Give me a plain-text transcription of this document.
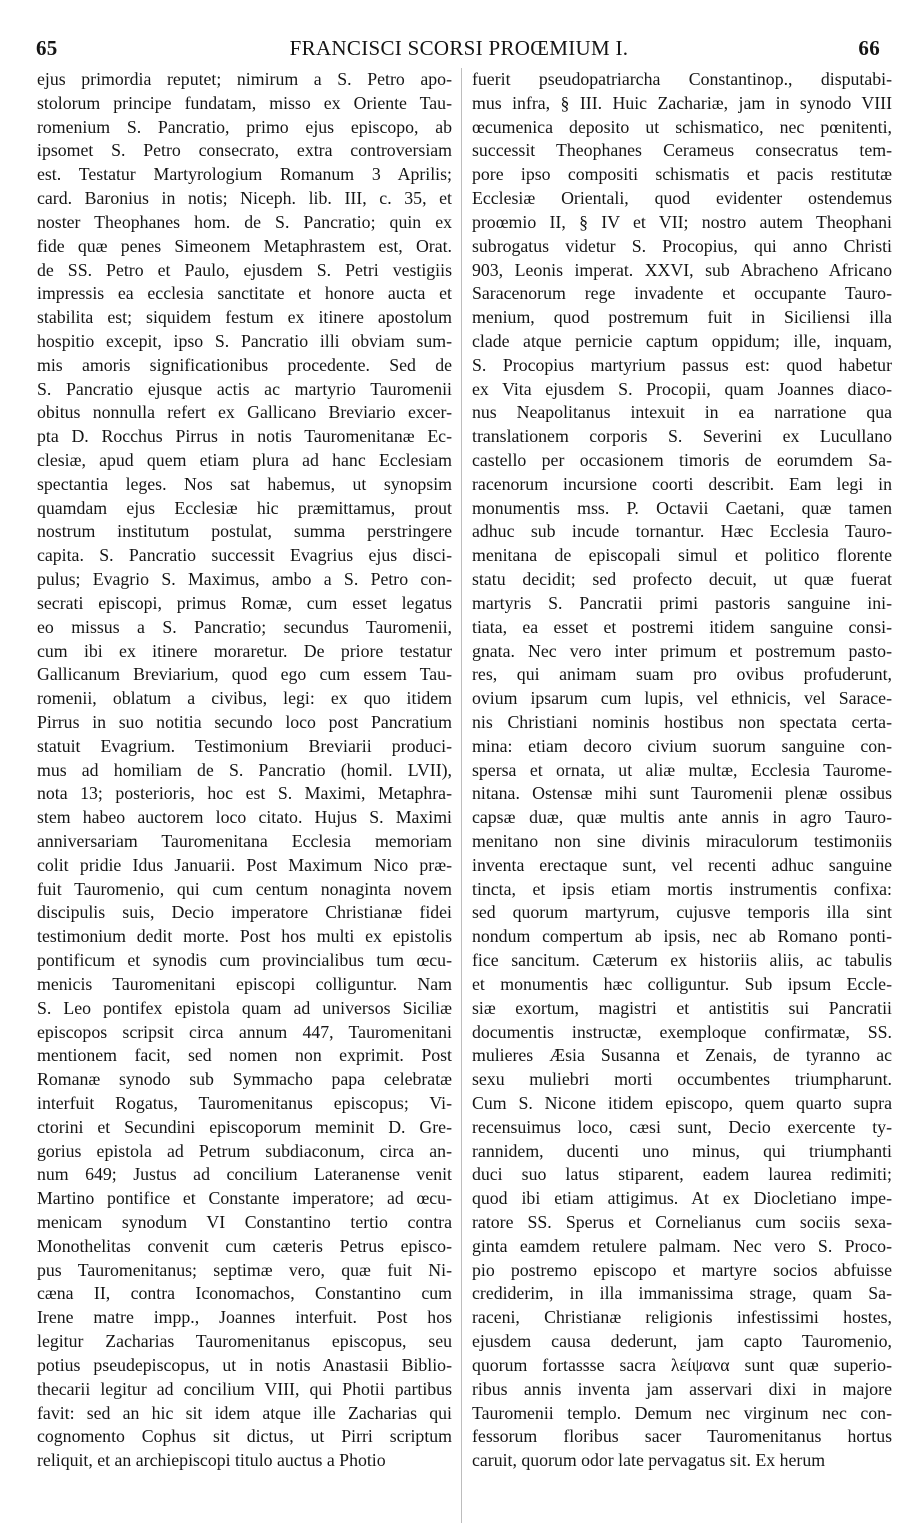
65	FRANCISCI SCORSI PROŒMIUM I.	66
ejus primordia reputet; nimirum a S. Petro apo-
stolorum principe fundatam, misso ex Oriente Tau-
romenium S. Pancratio, primo ejus episcopo, ab
ipsomet S. Petro consecrato, extra controversiam
est. Testatur Martyrologium Romanum 3 Aprilis;
card. Baronius in notis; Niceph. lib. III, c. 35, et
noster Theophanes hom. de S. Pancratio; quin ex
fide quæ penes Simeonem Metaphrastem est, Orat.
de SS. Petro et Paulo, ejusdem S. Petri vestigiis
impressis ea ecclesia sanctitate et honore aucta et
stabilita est; siquidem festum ex itinere apostolum
hospitio excepit, ipso S. Pancratio illi obviam sum-
mis amoris significationibus procedente. Sed de
S. Pancratio ejusque actis ac martyrio Tauromenii
obitus nonnulla refert ex Gallicano Breviario excer-
pta D. Rocchus Pirrus in notis Tauromenitanæ Ec-
clesiæ, apud quem etiam plura ad hanc Ecclesiam
spectantia leges. Nos sat habemus, ut synopsim
quamdam ejus Ecclesiæ hic præmittamus, prout
nostrum institutum postulat, summa perstringere
capita. S. Pancratio successit Evagrius ejus disci-
pulus; Evagrio S. Maximus, ambo a S. Petro con-
secrati episcopi, primus Romæ, cum esset legatus
eo missus a S. Pancratio; secundus Tauromenii,
cum ibi ex itinere moraretur. De priore testatur
Gallicanum Breviarium, quod ego cum essem Tau-
romenii, oblatum a civibus, legi: ex quo itidem
Pirrus in suo notitia secundo loco post Pancratium
statuit Evagrium. Testimonium Breviarii produci-
mus ad homiliam de S. Pancratio (homil. LVII),
nota 13; posterioris, hoc est S. Maximi, Metaphra-
stem habeo auctorem loco citato. Hujus S. Maximi
anniversariam Tauromenitana Ecclesia memoriam
colit pridie Idus Januarii. Post Maximum Nico præ-
fuit Tauromenio, qui cum centum nonaginta novem
discipulis suis, Decio imperatore Christianæ fidei
testimonium dedit morte. Post hos multi ex epistolis
pontificum et synodis cum provincialibus tum œcu-
menicis Tauromenitani episcopi colliguntur. Nam
S. Leo pontifex epistola quam ad universos Siciliæ
episcopos scripsit circa annum 447, Tauromenitani
mentionem facit, sed nomen non exprimit. Post
Romanæ synodo sub Symmacho papa celebratæ
interfuit Rogatus, Tauromenitanus episcopus; Vi-
ctorini et Secundini episcoporum meminit D. Gre-
gorius epistola ad Petrum subdiaconum, circa an-
num 649; Justus ad concilium Lateranense venit
Martino pontifice et Constante imperatore; ad œcu-
menicam synodum VI Constantino tertio contra
Monothelitas convenit cum cæteris Petrus episco-
pus Tauromenitanus; septimæ vero, quæ fuit Ni-
cæna II, contra Iconomachos, Constantino cum
Irene matre impp., Joannes interfuit. Post hos
legitur Zacharias Tauromenitanus episcopus, seu
potius pseudepiscopus, ut in notis Anastasii Biblio-
thecarii legitur ad concilium VIII, qui Photii partibus
favit: sed an hic sit idem atque ille Zacharias qui
cognomento Cophus sit dictus, ut Pirri scriptum
reliquit, et an archiepiscopi titulo auctus a Photio
fuerit pseudopatriarcha Constantinop., disputabi-
mus infra, § III. Huic Zachariæ, jam in synodo VIII
œcumenica deposito ut schismatico, nec pœnitenti,
successit Theophanes Cerameus consecratus tem-
pore ipso compositi schismatis et pacis restitutæ
Ecclesiæ Orientali, quod evidenter ostendemus
proœmio II, § IV et VII; nostro autem Theophani
subrogatus videtur S. Procopius, qui anno Christi
903, Leonis imperat. XXVI, sub Abracheno Africano
Saracenorum rege invadente et occupante Tauro-
menium, quod postremum fuit in Siciliensi illa
clade atque pernicie captum oppidum; ille, inquam,
S. Procopius martyrium passus est: quod habetur
ex Vita ejusdem S. Procopii, quam Joannes diaco-
nus Neapolitanus intexuit in ea narratione qua
translationem corporis S. Severini ex Lucullano
castello per occasionem timoris de eorumdem Sa-
racenorum incursione coorti describit. Eam legi in
monumentis mss. P. Octavii Caetani, quæ tamen
adhuc sub incude tornantur. Hæc Ecclesia Tauro-
menitana de episcopali simul et politico florente
statu decidit; sed profecto decuit, ut quæ fuerat
martyris S. Pancratii primi pastoris sanguine ini-
tiata, ea esset et postremi itidem sanguine consi-
gnata. Nec vero inter primum et postremum pasto-
res, qui animam suam pro ovibus profuderunt,
ovium ipsarum cum lupis, vel ethnicis, vel Sarace-
nis Christiani nominis hostibus non spectata certa-
mina: etiam decoro civium suorum sanguine con-
spersa et ornata, ut aliæ multæ, Ecclesia Taurome-
nitana. Ostensæ mihi sunt Tauromenii plenæ ossibus
capsæ duæ, quæ multis ante annis in agro Tauro-
menitano non sine divinis miraculorum testimoniis
inventa erectaque sunt, vel recenti adhuc sanguine
tincta, et ipsis etiam mortis instrumentis confixa:
sed quorum martyrum, cujusve temporis illa sint
nondum compertum ab ipsis, nec ab Romano ponti-
fice sancitum. Cæterum ex historiis aliis, ac tabulis
et monumentis hæc colliguntur. Sub ipsum Eccle-
siæ exortum, magistri et antistitis sui Pancratii
documentis instructæ, exemploque confirmatæ, SS.
mulieres Æsia Susanna et Zenais, de tyranno ac
sexu muliebri morti occumbentes triumpharunt.
Cum S. Nicone itidem episcopo, quem quarto supra
recensuimus loco, cæsi sunt, Decio exercente ty-
rannidem, ducenti uno minus, qui triumphanti
duci suo latus stiparent, eadem laurea redimiti;
quod ibi etiam attigimus. At ex Diocletiano impe-
ratore SS. Sperus et Cornelianus cum sociis sexa-
ginta eamdem retulere palmam. Nec vero S. Proco-
pio postremo episcopo et martyre socios abfuisse
crediderim, in illa immanissima strage, quam Sa-
raceni, Christianæ religionis infestissimi hostes,
ejusdem causa dederunt, jam capto Tauromenio,
quorum fortassse sacra λείψανα sunt quæ superio-
ribus annis inventa jam asservari dixi in majore
Tauromenii templo. Demum nec virginum nec con-
fessorum floribus sacer Tauromenitanus hortus
caruit, quorum odor late pervagatus sit. Ex herum
